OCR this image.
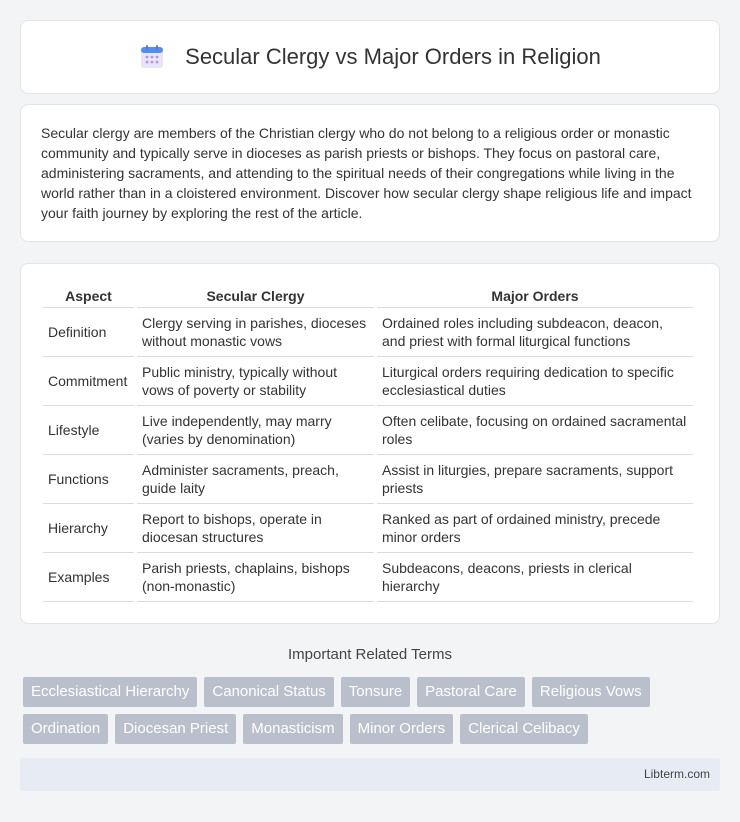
Secular Clergy vs Major Orders in Religion

Secular clergy are members of the Christian clergy who do not belong to a religious order or monastic community and typically serve in dioceses as parish priests or bishops. They focus on pastoral care, administering sacraments, and attending to the spiritual needs of their congregations while living in the world rather than in a cloistered environment. Discover how secular clergy shape religious life and impact your faith journey by exploring the rest of the article.

Aspect	Secular Clergy	Major Orders
Definition	Clergy serving in parishes, dioceses without monastic vows	Ordained roles including subdeacon, deacon, and priest with formal liturgical functions
Commitment	Public ministry, typically without vows of poverty or stability	Liturgical orders requiring dedication to specific ecclesiastical duties
Lifestyle	Live independently, may marry (varies by denomination)	Often celibate, focusing on ordained sacramental roles
Functions	Administer sacraments, preach, guide laity	Assist in liturgies, prepare sacraments, support priests
Hierarchy	Report to bishops, operate in diocesan structures	Ranked as part of ordained ministry, precede minor orders
Examples	Parish priests, chaplains, bishops (non-monastic)	Subdeacons, deacons, priests in clerical hierarchy
Important Related Terms
Ecclesiastical Hierarchy	Canonical Status	Tonsure	Pastoral Care	Religious Vows
Ordination	Diocesan Priest	Monasticism	Minor Orders	Clerical Celibacy
Libterm.com
